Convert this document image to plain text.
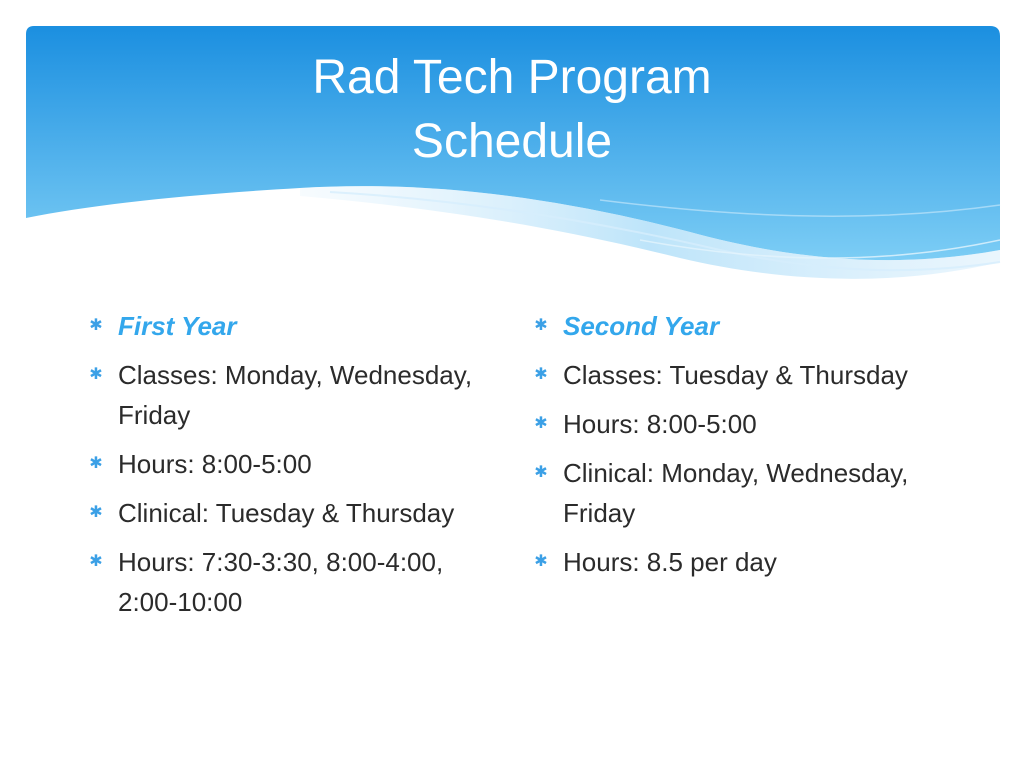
Rad Tech Program
Schedule
✱ First Year
✱ Classes: Monday, Wednesday, Friday
✱ Hours: 8:00-5:00
✱ Clinical: Tuesday & Thursday
✱ Hours: 7:30-3:30, 8:00-4:00, 2:00-10:00
✱ Second Year
✱ Classes: Tuesday & Thursday
✱ Hours: 8:00-5:00
✱ Clinical: Monday, Wednesday, Friday
✱ Hours: 8.5 per day
